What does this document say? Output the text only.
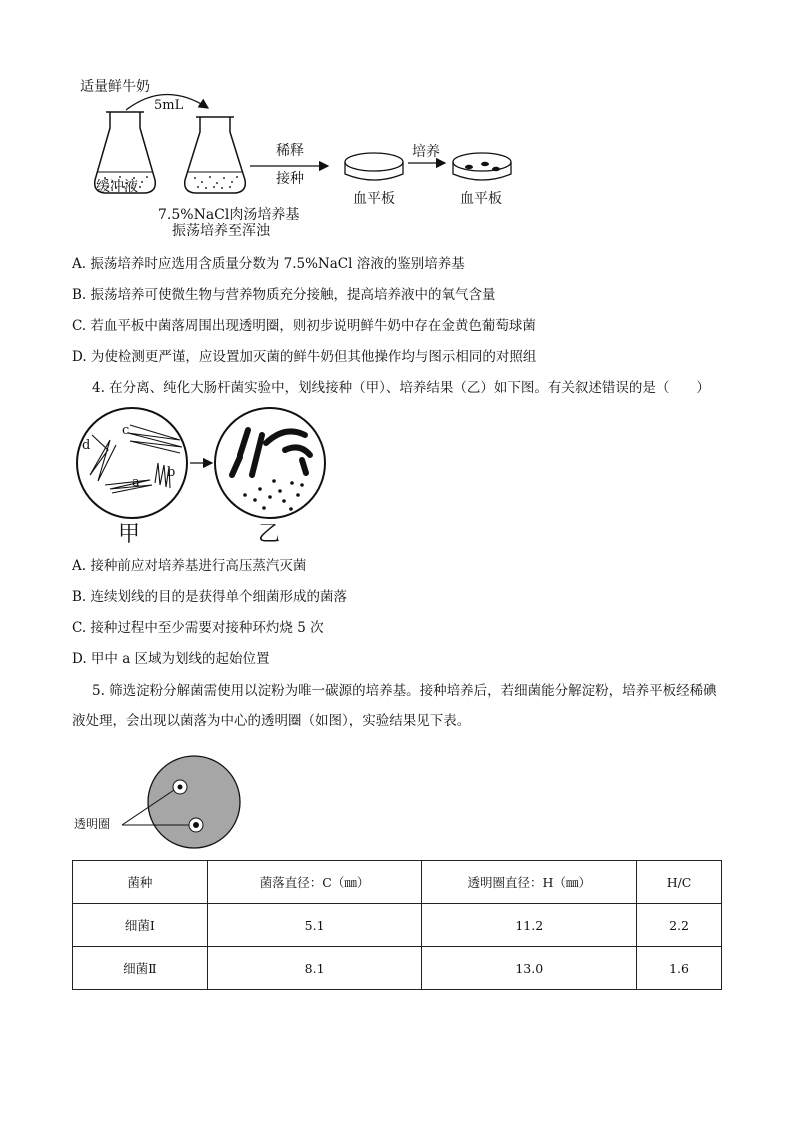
适量鲜牛奶
5mL
缓冲液
7.5%NaCl肉汤培养基
振荡培养至浑浊
稀释
接种
培养
血平板	血平板
A. 振荡培养时应选用含质量分数为 7.5%NaCl 溶液的鉴别培养基
B. 振荡培养可使微生物与营养物质充分接触，提高培养液中的氧气含量
C. 若血平板中菌落周围出现透明圈，则初步说明鲜牛奶中存在金黄色葡萄球菌
D. 为使检测更严谨，应设置加灭菌的鲜牛奶但其他操作均与图示相同的对照组
4. 在分离、纯化大肠杆菌实验中，划线接种（甲）、培养结果（乙）如下图。有关叙述错误的是（　　）
c
d
b
a
甲	乙
A. 接种前应对培养基进行高压蒸汽灭菌
B. 连续划线的目的是获得单个细菌形成的菌落
C. 接种过程中至少需要对接种环灼烧 5 次
D. 甲中 a 区域为划线的起始位置
5. 筛选淀粉分解菌需使用以淀粉为唯一碳源的培养基。接种培养后，若细菌能分解淀粉，培养平板经稀碘
液处理，会出现以菌落为中心的透明圈（如图），实验结果见下表。
透明圈
菌种	菌落直径：C（㎜）	透明圈直径：H（㎜）	H/C
细菌Ⅰ	5.1	11.2	2.2
细菌Ⅱ	8.1	13.0	1.6
